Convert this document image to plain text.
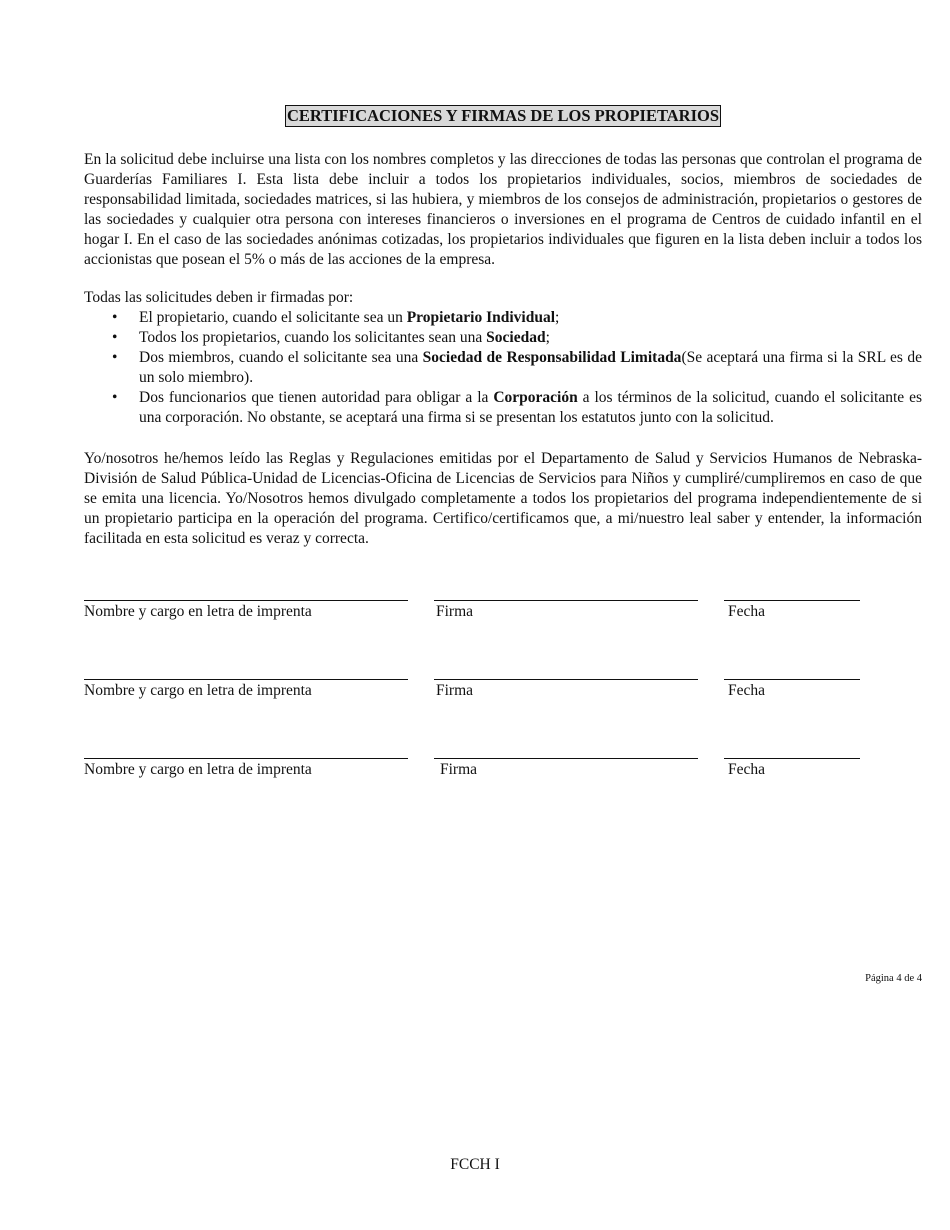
CERTIFICACIONES Y FIRMAS DE LOS PROPIETARIOS
En la solicitud debe incluirse una lista con los nombres completos y las direcciones de todas las personas que controlan el programa de Guarderías Familiares I. Esta lista debe incluir a todos los propietarios individuales, socios, miembros de sociedades de responsabilidad limitada, sociedades matrices, si las hubiera, y miembros de los consejos de administración, propietarios o gestores de las sociedades y cualquier otra persona con intereses financieros o inversiones en el programa de Centros de cuidado infantil en el hogar I. En el caso de las sociedades anónimas cotizadas, los propietarios individuales que figuren en la lista deben incluir a todos los accionistas que posean el 5% o más de las acciones de la empresa.
Todas las solicitudes deben ir firmadas por:
• El propietario, cuando el solicitante sea un Propietario Individual;
• Todos los propietarios, cuando los solicitantes sean una Sociedad;
• Dos miembros, cuando el solicitante sea una Sociedad de Responsabilidad Limitada(Se aceptará una firma si la SRL es de un solo miembro).
• Dos funcionarios que tienen autoridad para obligar a la Corporación a los términos de la solicitud, cuando el solicitante es una corporación. No obstante, se aceptará una firma si se presentan los estatutos junto con la solicitud.
Yo/nosotros he/hemos leído las Reglas y Regulaciones emitidas por el Departamento de Salud y Servicios Humanos de Nebraska-División de Salud Pública-Unidad de Licencias-Oficina de Licencias de Servicios para Niños y cumpliré/cumpliremos en caso de que se emita una licencia. Yo/Nosotros hemos divulgado completamente a todos los propietarios del programa independientemente de si un propietario participa en la operación del programa. Certifico/certificamos que, a mi/nuestro leal saber y entender, la información facilitada en esta solicitud es veraz y correcta.
Nombre y cargo en letra de imprenta	Firma	Fecha
Nombre y cargo en letra de imprenta	Firma	Fecha
Nombre y cargo en letra de imprenta	Firma	Fecha
Página 4 de 4
FCCH I
